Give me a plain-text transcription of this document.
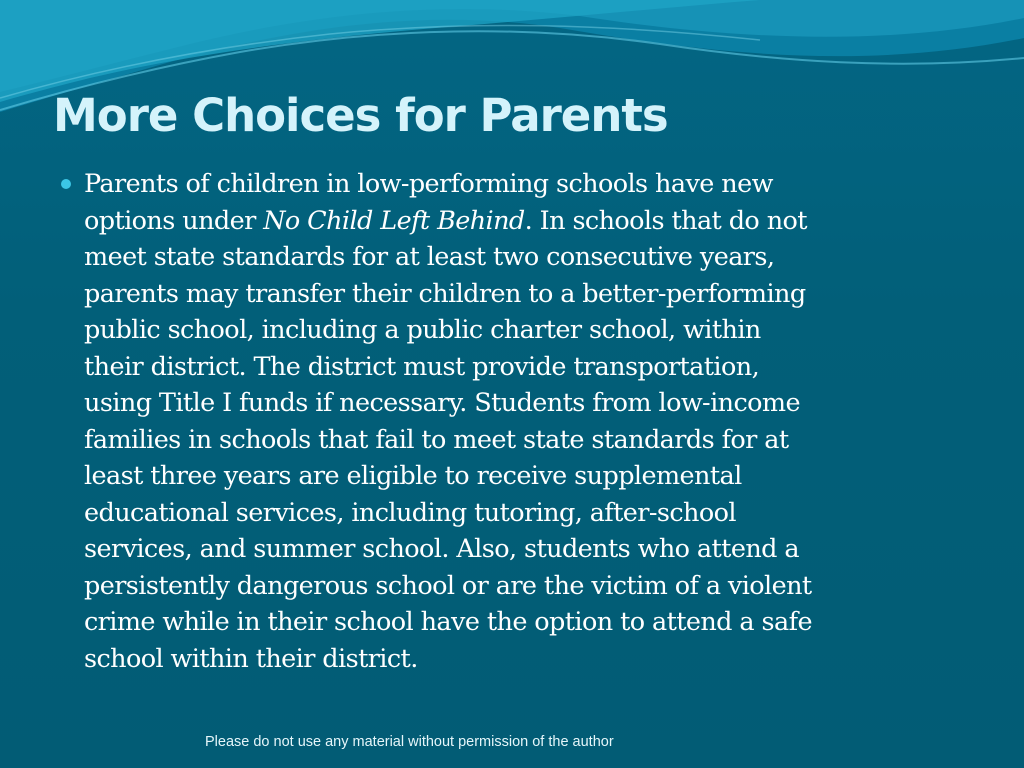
More Choices for Parents

Parents of children in low-performing schools have new
options under No Child Left Behind. In schools that do not
meet state standards for at least two consecutive years,
parents may transfer their children to a better-performing
public school, including a public charter school, within
their district. The district must provide transportation,
using Title I funds if necessary. Students from low-income
families in schools that fail to meet state standards for at
least three years are eligible to receive supplemental
educational services, including tutoring, after-school
services, and summer school. Also, students who attend a
persistently dangerous school or are the victim of a violent
crime while in their school have the option to attend a safe
school within their district.

Please do not use any material without permission of the author
